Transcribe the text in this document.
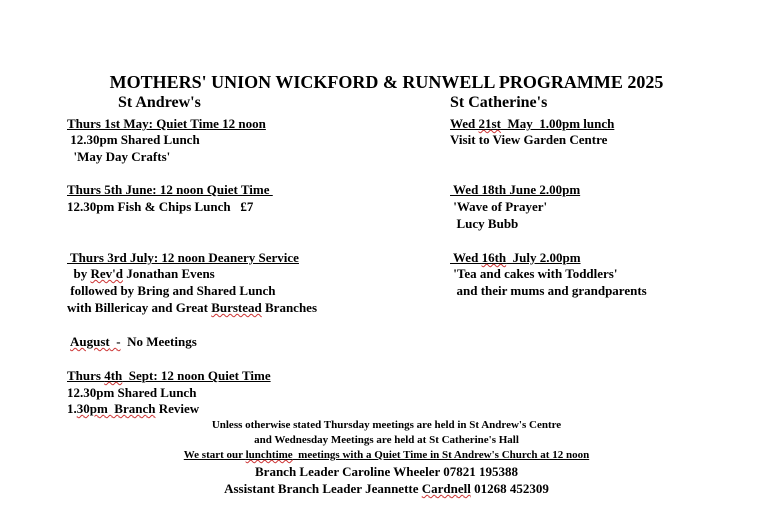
MOTHERS' UNION WICKFORD & RUNWELL PROGRAMME 2025
St Andrew's	St Catherine's
Thurs 1st May: Quiet Time 12 noon
12.30pm Shared Lunch
'May Day Crafts'
Thurs 5th June: 12 noon Quiet Time
12.30pm Fish & Chips Lunch   £7
Thurs 3rd July: 12 noon Deanery Service
by Rev'd Jonathan Evens
followed by Bring and Shared Lunch
with Billericay and Great Burstead Branches
August  -  No Meetings
Thurs 4th  Sept: 12 noon Quiet Time
12.30pm Shared Lunch
1.30pm  Branch Review
Wed 21st  May  1.00pm lunch
Visit to View Garden Centre
Wed 18th June 2.00pm
'Wave of Prayer'
Lucy Bubb
Wed 16th  July 2.00pm
'Tea and cakes with Toddlers'
and their mums and grandparents
Unless otherwise stated Thursday meetings are held in St Andrew's Centre
and Wednesday Meetings are held at St Catherine's Hall
We start our lunchtime  meetings with a Quiet Time in St Andrew's Church at 12 noon
Branch Leader Caroline Wheeler 07821 195388
Assistant Branch Leader Jeannette Cardnell 01268 452309
